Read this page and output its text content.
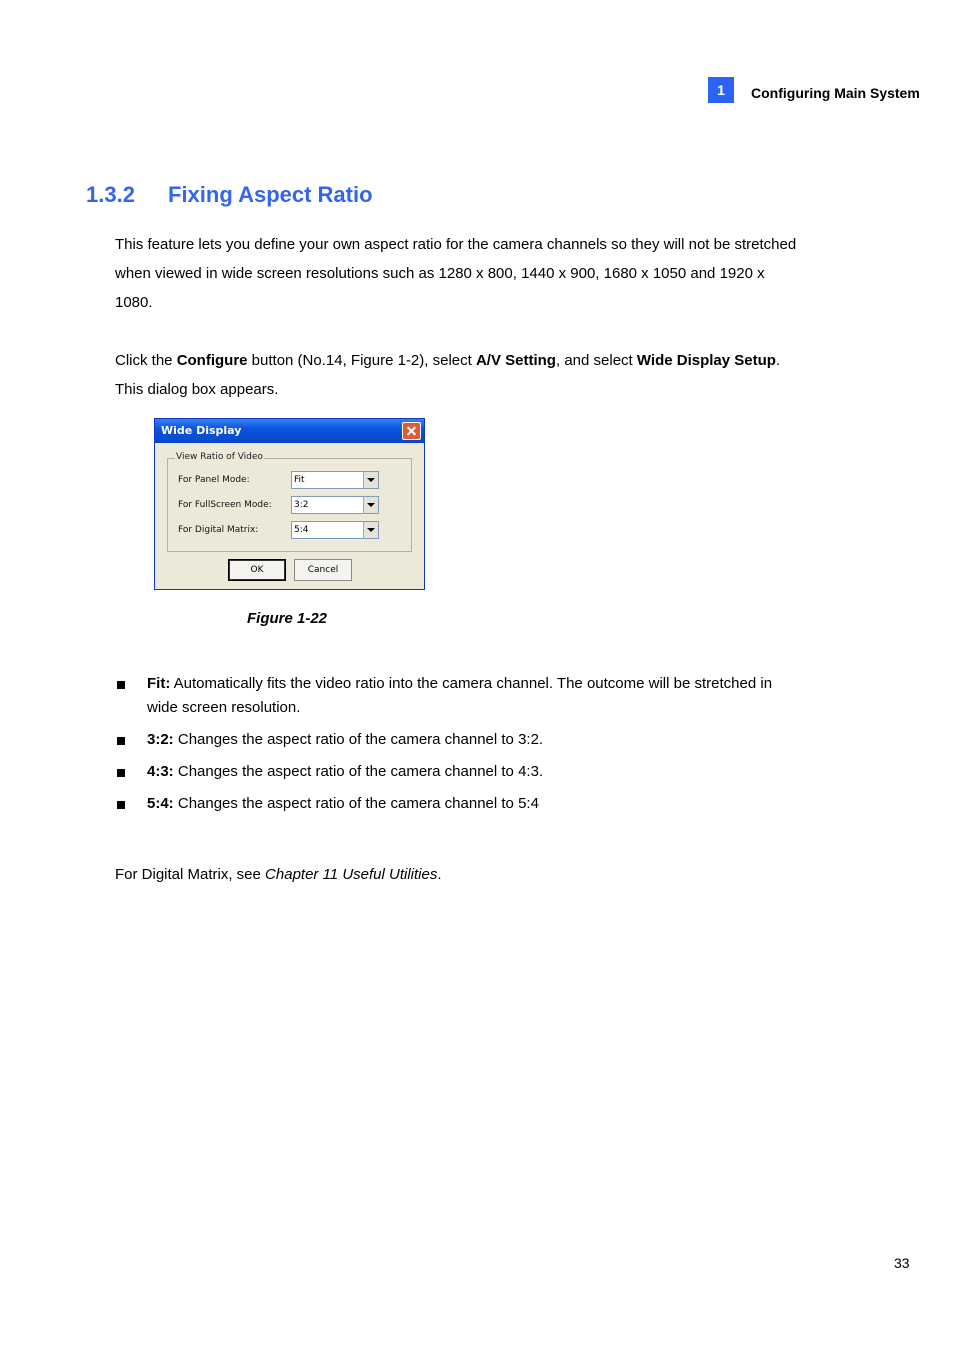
1	Configuring Main System
1.3.2 Fixing Aspect Ratio
This feature lets you define your own aspect ratio for the camera channels so they will not be stretched
when viewed in wide screen resolutions such as 1280 x 800, 1440 x 900, 1680 x 1050 and 1920 x
1080.
Click the Configure button (No.14, Figure 1-2), select A/V Setting, and select Wide Display Setup.
This dialog box appears.
Wide Display
View Ratio of Video
For Panel Mode:	Fit
For FullScreen Mode: 3:2
For Digital Matrix:	5:4
OK	Cancel
Figure 1-22
Fit: Automatically fits the video ratio into the camera channel. The outcome will be stretched in
wide screen resolution.
3:2: Changes the aspect ratio of the camera channel to 3:2.
4:3: Changes the aspect ratio of the camera channel to 4:3.
5:4: Changes the aspect ratio of the camera channel to 5:4
For Digital Matrix, see Chapter 11 Useful Utilities.
33
